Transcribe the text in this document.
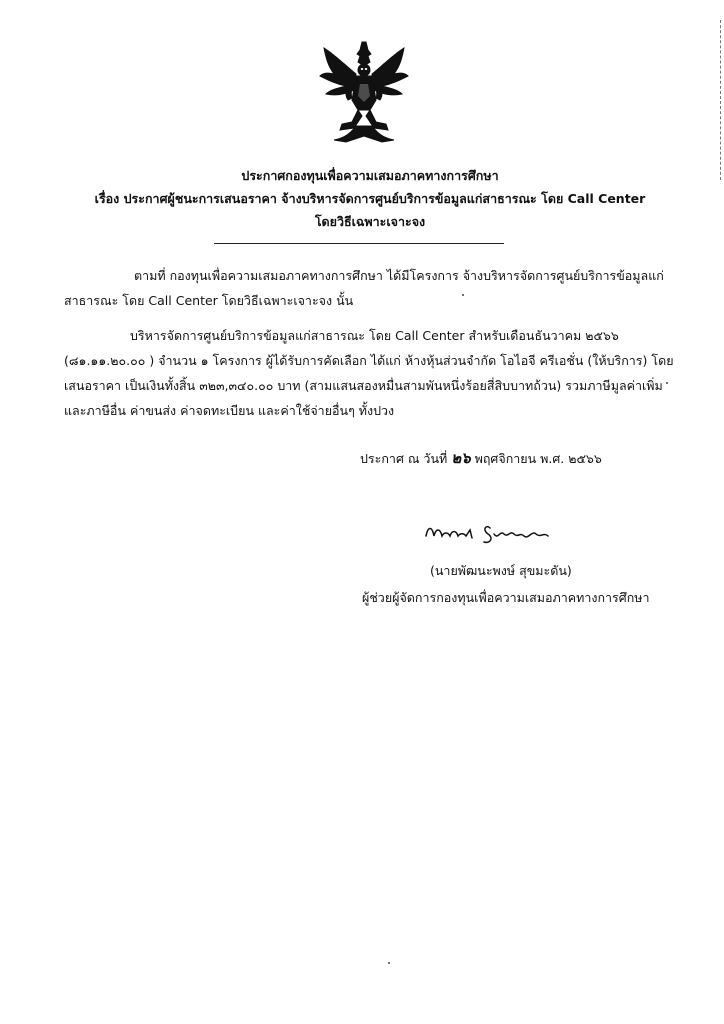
ประกาศกองทุนเพื่อความเสมอภาคทางการศึกษา
เรื่อง ประกาศผู้ชนะการเสนอราคา จ้างบริหารจัดการศูนย์บริการข้อมูลแก่สาธารณะ โดย Call Center
โดยวิธีเฉพาะเจาะจง
ตามที่ กองทุนเพื่อความเสมอภาคทางการศึกษา ได้มีโครงการ จ้างบริหารจัดการศูนย์บริการข้อมูลแก่
สาธารณะ โดย Call Center โดยวิธีเฉพาะเจาะจง นั้น
บริหารจัดการศูนย์บริการข้อมูลแก่สาธารณะ โดย Call Center สำหรับเดือนธันวาคม ๒๕๖๖
(๘๑.๑๑.๒๐.๐๐ ) จำนวน ๑ โครงการ ผู้ได้รับการคัดเลือก ได้แก่ ห้างหุ้นส่วนจำกัด โอไอจี ครีเอชั่น (ให้บริการ) โดย
เสนอราคา เป็นเงินทั้งสิ้น ๓๒๓,๓๔๐.๐๐ บาท (สามแสนสองหมื่นสามพันหนึ่งร้อยสี่สิบบาทถ้วน) รวมภาษีมูลค่าเพิ่ม
และภาษีอื่น ค่าขนส่ง ค่าจดทะเบียน และค่าใช้จ่ายอื่นๆ ทั้งปวง
ประกาศ ณ วันที่ ๒๖ พฤศจิกายน พ.ศ. ๒๕๖๖
(นายพัฒนะพงษ์ สุขมะดัน)
ผู้ช่วยผู้จัดการกองทุนเพื่อความเสมอภาคทางการศึกษา
